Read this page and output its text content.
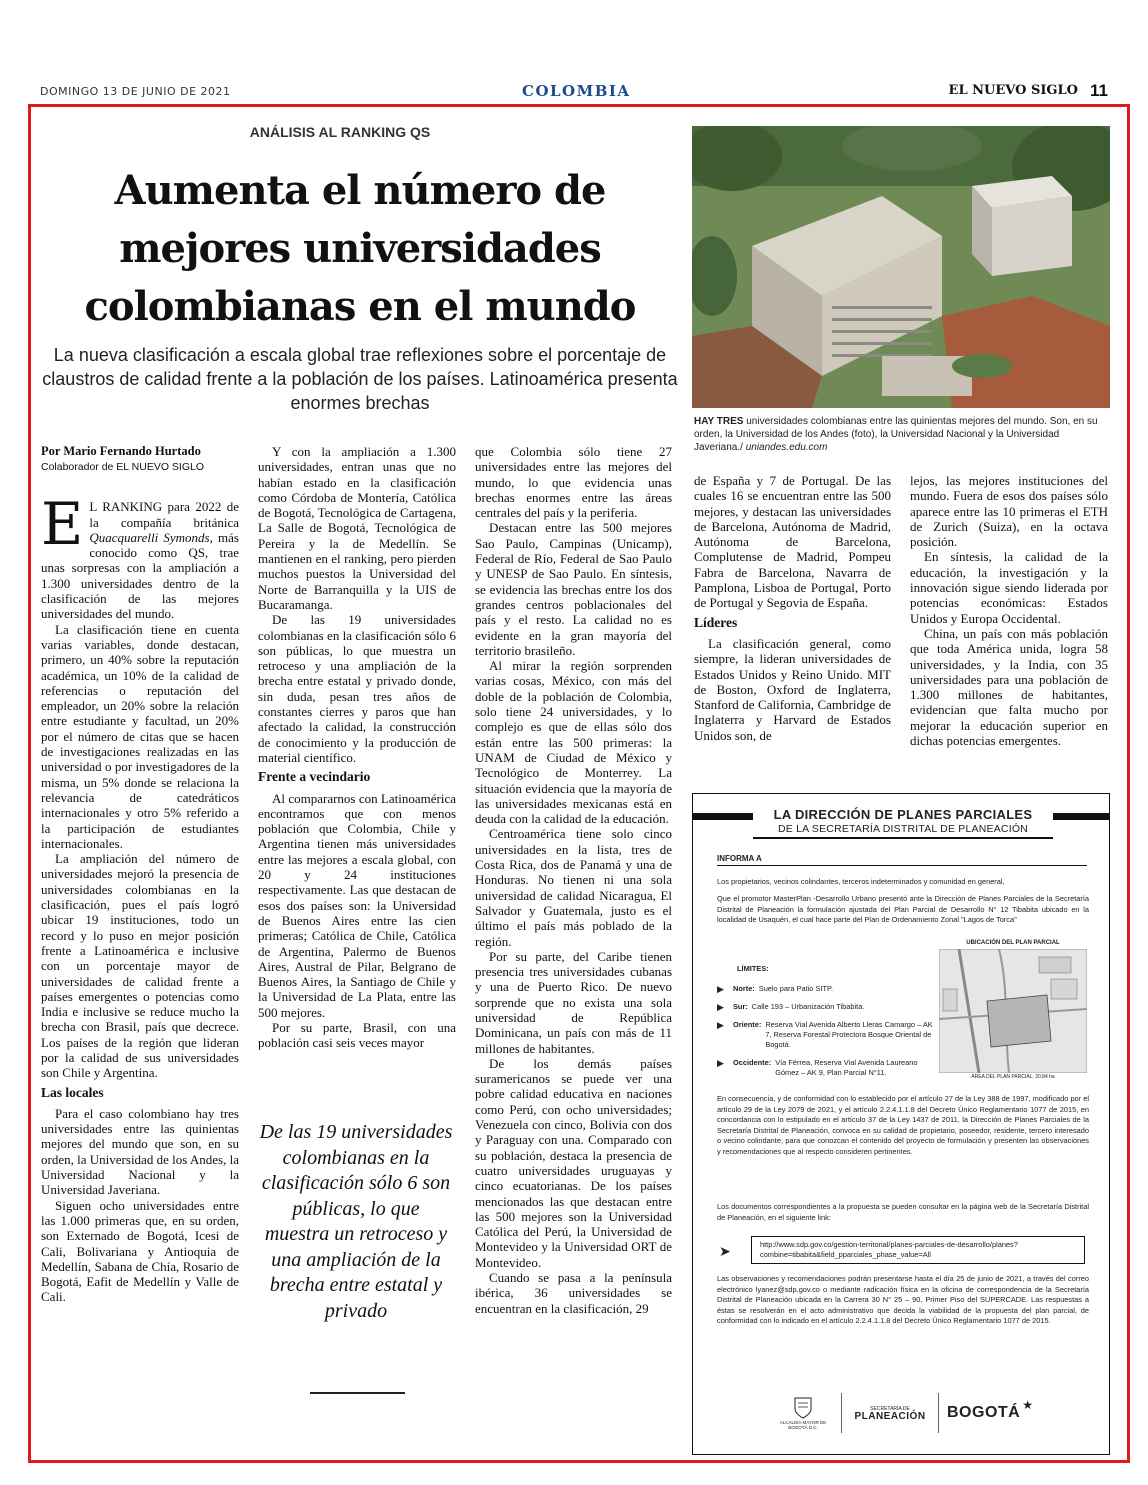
DOMINGO 13 DE JUNIO DE 2021	COLOMBIA	EL NUEVO SIGLO 11
ANÁLISIS AL RANKING QS
Aumenta el número de mejores universidades colombianas en el mundo
La nueva clasificación a escala global trae reflexiones sobre el porcentaje de claustros de calidad frente a la población de los países. Latinoamérica presenta enormes brechas
HAY TRES universidades colombianas entre las quinientas mejores del mundo. Son, en su orden, la Universidad de los Andes (foto), la Universidad Nacional y la Universidad Javeriana./ uniandes.edu.com
Por Mario Fernando Hurtado
Colaborador de EL NUEVO SIGLO

E L RANKING para 2022 de la compañía británica Quacquarelli Symonds, más conocido como QS, trae unas sorpresas con la ampliación a 1.300 universidades dentro de la clasificación de las mejores universidades del mundo.

La clasificación tiene en cuenta varias variables, donde destacan, primero, un 40% sobre la reputación académica, un 10% de la calidad de referencias o reputación del empleador, un 20% sobre la relación entre estudiante y facultad, un 20% por el número de citas que se hacen de investigaciones realizadas en las universidad o por investigadores de la misma, un 5% donde se relaciona la relevancia de catedráticos internacionales y otro 5% referido a la participación de estudiantes internacionales.

La ampliación del número de universidades mejoró la presencia de universidades colombianas en la clasificación, pues el país logró ubicar 19 instituciones, todo un record y lo puso en mejor posición frente a Latinoamérica e inclusive con un porcentaje mayor de universidades de calidad frente a países emergentes o potencias como India e inclusive se reduce mucho la brecha con Brasil, país que decrece. Los países de la región que lideran por la calidad de sus universidades son Chile y Argentina.

Las locales

Para el caso colombiano hay tres universidades entre las quinientas mejores del mundo que son, en su orden, la Universidad de los Andes, la Universidad Nacional y la Universidad Javeriana.

Siguen ocho universidades entre las 1.000 primeras que, en su orden, son Externado de Bogotá, Icesi de Cali, Bolivariana y Antioquia de Medellín, Sabana de Chía, Rosario de Bogotá, Eafit de Medellín y Valle de Cali.

Y con la ampliación a 1.300 universidades, entran unas que no habían estado en la clasificación como Córdoba de Montería, Católica de Bogotá, Tecnológica de Cartagena, La Salle de Bogotá, Tecnológica de Pereira y la de Medellín. Se mantienen en el ranking, pero pierden muchos puestos la Universidad del Norte de Barranquilla y la UIS de Bucaramanga.

De las 19 universidades colombianas en la clasificación sólo 6 son públicas, lo que muestra un retroceso y una ampliación de la brecha entre estatal y privado donde, sin duda, pesan tres años de constantes cierres y paros que han afectado la calidad, la construcción de conocimiento y la producción de material científico.

Frente a vecindario

Al compararnos con Latinoamérica encontramos que con menos población que Colombia, Chile y Argentina tienen más universidades entre las mejores a escala global, con 20 y 24 instituciones respectivamente. Las que destacan de esos dos países son: la Universidad de Buenos Aires entre las cien primeras; Católica de Chile, Católica de Argentina, Palermo de Buenos Aires, Austral de Pilar, Belgrano de Buenos Aires, la Santiago de Chile y la Universidad de La Plata, entre las 500 mejores.

Por su parte, Brasil, con una población casi seis veces mayor

De las 19 universidades colombianas en la clasificación sólo 6 son públicas, lo que muestra un retroceso y una ampliación de la brecha entre estatal y privado

que Colombia sólo tiene 27 universidades entre las mejores del mundo, lo que evidencia unas brechas enormes entre las áreas centrales del país y la periferia.

Destacan entre las 500 mejores Sao Paulo, Campinas (Unicamp), Federal de Río, Federal de Sao Paulo y UNESP de Sao Paulo. En síntesis, se evidencia las brechas entre los dos grandes centros poblacionales del país y el resto. La calidad no es evidente en la gran mayoría del territorio brasileño.

Al mirar la región sorprenden varias cosas, México, con más del doble de la población de Colombia, solo tiene 24 universidades, y lo complejo es que de ellas sólo dos están entre las 500 primeras: la UNAM de Ciudad de México y Tecnológico de Monterrey. La situación evidencia que la mayoría de las universidades mexicanas está en deuda con la calidad de la educación.

Centroamérica tiene solo cinco universidades en la lista, tres de Costa Rica, dos de Panamá y una de Honduras. No tienen ni una sola universidad de calidad Nicaragua, El Salvador y Guatemala, justo es el último el país más poblado de la región.

Por su parte, del Caribe tienen presencia tres universidades cubanas y una de Puerto Rico. De nuevo sorprende que no exista una sola universidad de República Dominicana, un país con más de 11 millones de habitantes.

De los demás países suramericanos se puede ver una pobre calidad educativa en naciones como Perú, con ocho universidades; Venezuela con cinco, Bolivia con dos y Paraguay con una. Comparado con su población, destaca la presencia de cuatro universidades uruguayas y cinco ecuatorianas. De los países mencionados las que destacan entre las 500 mejores son la Universidad Católica del Perú, la Universidad de Montevideo y la Universidad ORT de Montevideo.

Cuando se pasa a la península ibérica, 36 universidades se encuentran en la clasificación, 29

de España y 7 de Portugal. De las cuales 16 se encuentran entre las 500 mejores, y destacan las universidades de Barcelona, Autónoma de Madrid, Autónoma de Barcelona, Complutense de Madrid, Pompeu Fabra de Barcelona, Navarra de Pamplona, Lisboa de Portugal, Porto de Portugal y Segovia de España.

Líderes

La clasificación general, como siempre, la lideran universidades de Estados Unidos y Reino Unido. MIT de Boston, Oxford de Inglaterra, Stanford de California, Cambridge de Inglaterra y Harvard de Estados Unidos son, de

lejos, las mejores instituciones del mundo. Fuera de esos dos países sólo aparece entre las 10 primeras el ETH de Zurich (Suiza), en la octava posición.

En síntesis, la calidad de la educación, la investigación y la innovación sigue siendo liderada por potencias económicas: Estados Unidos y Europa Occidental.

China, un país con más población que toda América unida, logra 58 universidades, y la India, con 35 universidades para una población de 1.300 millones de habitantes, evidencian que falta mucho por mejorar la educación superior en dichas potencias emergentes.

LA DIRECCIÓN DE PLANES PARCIALES
DE LA SECRETARÍA DISTRITAL DE PLANEACIÓN
INFORMA A
Los propietarios, vecinos colindantes, terceros indeterminados y comunidad en general,
Que el promotor MasterPlan -Desarrollo Urbano presentó ante la Dirección de Planes Parciales de la Secretaría Distrital de Planeación la formulación ajustada del Plan Parcial de Desarrollo N° 12 Tibabita ubicado en la localidad de Usaquén, el cual hace parte del Plan de Ordenamiento Zonal "Lagos de Torca"
LÍMITES:
▶	Norte: Suelo para Patio SITP.
▶	Sur: Calle 193 – Urbanización Tibabita.
▶	Oriente: Reserva Vial Avenida Alberto Lleras Camargo – AK 7, Reserva Forestal Protectora Bosque Oriental de Bogotá.
▶	Occidente: Vía Férrea, Reserva Vial Avenida Laureano Gómez – AK 9, Plan Parcial N°11.
UBICACIÓN DEL PLAN PARCIAL
ÁREA DEL PLAN PARCIAL: 20,84 ha
En consecuencia, y de conformidad con lo establecido por el artículo 27 de la Ley 388 de 1997, modificado por el artículo 29 de la Ley 2079 de 2021, y el artículo 2.2.4.1.1.8 del Decreto Único Reglamentario 1077 de 2015, en concordancia con lo estipulado en el artículo 37 de la Ley 1437 de 2011, la Dirección de Planes Parciales de la Secretaría Distrital de Planeación, convoca en su calidad de propietario, poseedor, residente, tercero interesado o vecino colindante, para que conozcan el contenido del proyecto de formulación y presenten las observaciones y recomendaciones que al respecto consideren pertinentes.
Los documentos correspondientes a la propuesta se pueden consultar en la página web de la Secretaría Distrital de Planeación, en el siguiente link:
➤	http://www.sdp.gov.co/gestion-territorial/planes-parciales-de-desarrollo/planes?combine=tibabita&field_pparciales_phase_value=All
Las observaciones y recomendaciones podrán presentarse hasta el día 25 de junio de 2021, a través del correo electrónico lyanez@sdp.gov.co o mediante radicación física en la oficina de correspondencia de la Secretaría Distrital de Planeación ubicada en la Carrera 30 N° 25 – 90, Primer Piso del SUPERCADE. Las respuestas a éstas se resolverán en el acto administrativo que decida la viabilidad de la propuesta del plan parcial, de conformidad con lo indicado en el artículo 2.2.4.1.1.8 del Decreto Único Reglamentario 1077 de 2015.
ALCALDÍA MAYOR DE BOGOTÁ D.C.
SECRETARÍA DE
PLANEACIÓN BOGOTÁ ★
